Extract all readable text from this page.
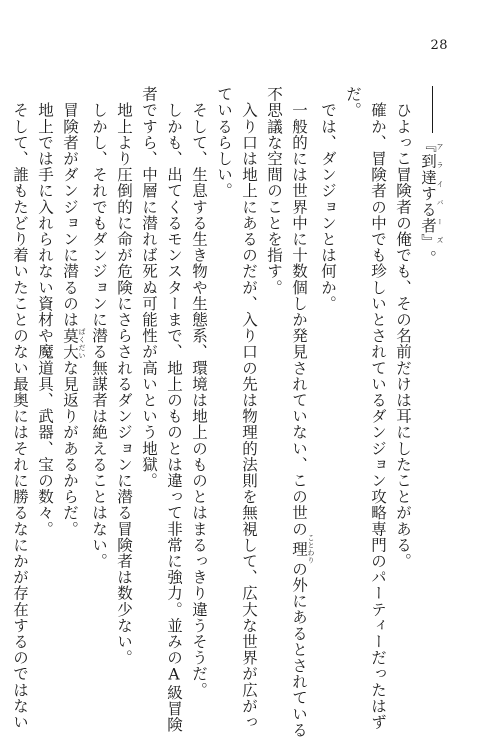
28
『到達する者』 アライバーズ。
　ひよっこ冒険者の俺でも、その名前だけは耳にしたことがある。
　確か、冒険者の中でも珍しいとされているダンジョン攻略専門のパーティーだったはず
だ。
　では、ダンジョンとは何か。
　一般的には世界中に十数個しか発見されていない、この世の理 ことわりの外にあるとされている
不思議な空間のことを指す。
　入り口は地上にあるのだが、入り口の先は物理的法則を無視して、広大な世界が広がっ
ているらしい。
　そして、生息する生き物や生態系、環境は地上のものとはまるっきり違うそうだ。
　しかも、出てくるモンスターまで、地上のものとは違って非常に強力。並みのA級冒険
者ですら、中層に潜れば死ぬ可能性が高いという地獄。
　地上より圧倒的に命が危険にさらされるダンジョンに潜る冒険者は数少ない。
　しかし、それでもダンジョンに潜る無謀者は絶えることはない。
　冒険者がダンジョンに潜るのは莫大 ばくだいな見返りがあるからだ。
　地上では手に入れられない資材や魔道具、武器、宝の数々。
　そして、誰もたどり着いたことのない最奥にはそれに勝るなにかが存在するのではない
